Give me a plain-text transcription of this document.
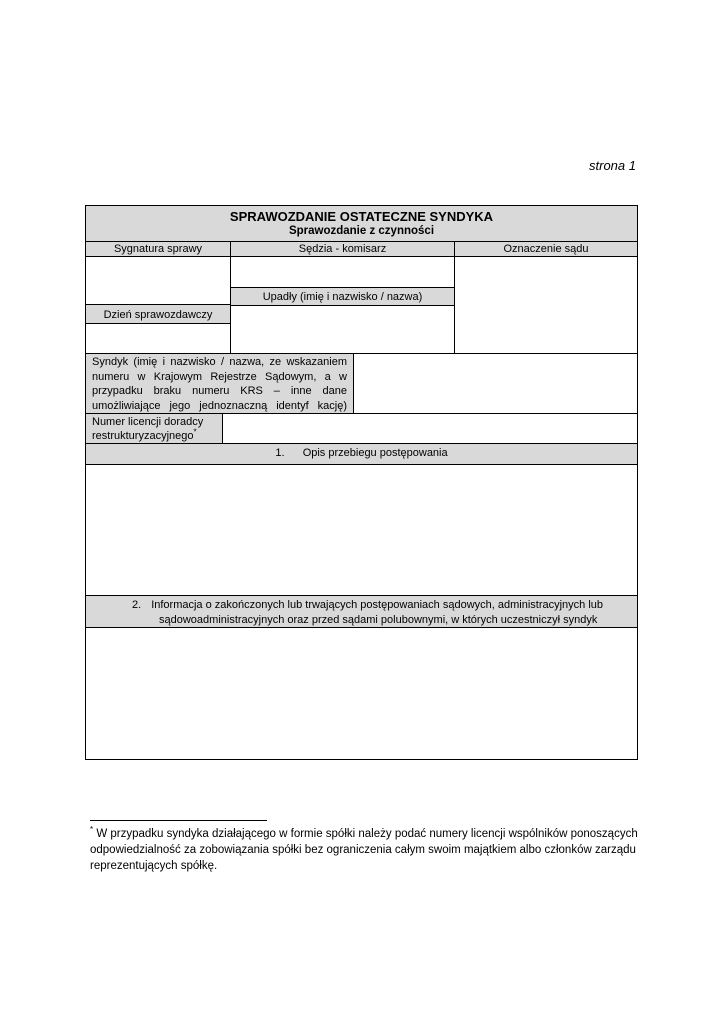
strona 1
SPRAWOZDANIE OSTATECZNE SYNDYKA
Sprawozdanie z czynności
Sygnatura sprawy	Sędzia - komisarz	Oznaczenie sądu
Upadły (imię i nazwisko / nazwa)
Dzień sprawozdawczy
Syndyk (imię i nazwisko / nazwa, ze wskazaniem
numeru w Krajowym Rejestrze Sądowym, a w
przypadku braku numeru KRS – inne dane
umożliwiające jego jednoznaczną identyf kację)
Numer licencji doradcy
restrukturyzacyjnego*
1. Opis przebiegu postępowania
2. Informacja o zakończonych lub trwających postępowaniach sądowych, administracyjnych lub
sądowoadministracyjnych oraz przed sądami polubownymi, w których uczestniczył syndyk
* W przypadku syndyka działającego w formie spółki należy podać numery licencji wspólników ponoszących
odpowiedzialność za zobowiązania spółki bez ograniczenia całym swoim majątkiem albo członków zarządu
reprezentujących spółkę.
